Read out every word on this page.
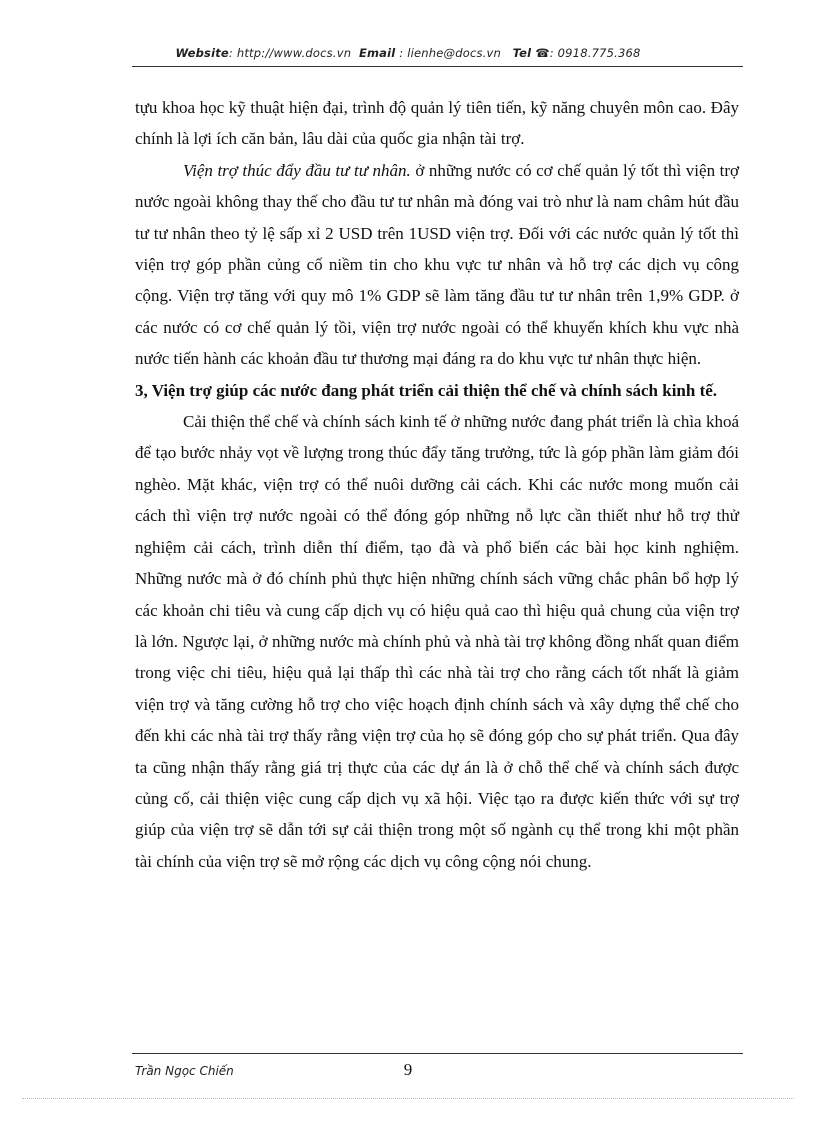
Website: http://www.docs.vn Email : lienhe@docs.vn Tel ☎: 0918.775.368

tựu khoa học kỹ thuật hiện đại, trình độ quản lý tiên tiến, kỹ năng chuyên môn cao. Đây chính là lợi ích căn bản, lâu dài của quốc gia nhận tài trợ.

Viện trợ thúc đẩy đầu tư tư nhân. ở những nước có cơ chế quản lý tốt thì viện trợ nước ngoài không thay thế cho đầu tư tư nhân mà đóng vai trò như là nam châm hút đầu tư tư nhân theo tỷ lệ sấp xỉ 2 USD trên 1USD viện trợ. Đối với các nước quản lý tốt thì viện trợ góp phần củng cố niềm tin cho khu vực tư nhân và hỗ trợ các dịch vụ công cộng. Viện trợ tăng với quy mô 1% GDP sẽ làm tăng đầu tư tư nhân trên 1,9% GDP. ở các nước có cơ chế quản lý tồi, viện trợ nước ngoài có thể khuyến khích khu vực nhà nước tiến hành các khoản đầu tư thương mại đáng ra do khu vực tư nhân thực hiện.

3, Viện trợ giúp các nước đang phát triển cải thiện thể chế và chính sách kinh tế.

Cải thiện thể chế và chính sách kinh tế ở những nước đang phát triển là chìa khoá để tạo bước nhảy vọt về lượng trong thúc đẩy tăng trưởng, tức là góp phần làm giảm đói nghèo. Mặt khác, viện trợ có thể nuôi dưỡng cải cách. Khi các nước mong muốn cải cách thì viện trợ nước ngoài có thể đóng góp những nỗ lực cần thiết như hỗ trợ thử nghiệm cải cách, trình diễn thí điểm, tạo đà và phổ biến các bài học kinh nghiệm. Những nước mà ở đó chính phủ thực hiện những chính sách vững chắc phân bổ hợp lý các khoản chi tiêu và cung cấp dịch vụ có hiệu quả cao thì hiệu quả chung của viện trợ là lớn. Ngược lại, ở những nước mà chính phủ và nhà tài trợ không đồng nhất quan điểm trong việc chi tiêu, hiệu quả lại thấp thì các nhà tài trợ cho rằng cách tốt nhất là giảm viện trợ và tăng cường hỗ trợ cho việc hoạch định chính sách và xây dựng thể chế cho đến khi các nhà tài trợ thấy rằng viện trợ của họ sẽ đóng góp cho sự phát triển. Qua đây ta cũng nhận thấy rằng giá trị thực của các dự án là ở chỗ thể chế và chính sách được củng cố, cải thiện việc cung cấp dịch vụ xã hội. Việc tạo ra được kiến thức với sự trợ giúp của viện trợ sẽ dẫn tới sự cải thiện trong một số ngành cụ thể trong khi một phần tài chính của viện trợ sẽ mở rộng các dịch vụ công cộng nói chung.

Trần Ngọc Chiến	9
